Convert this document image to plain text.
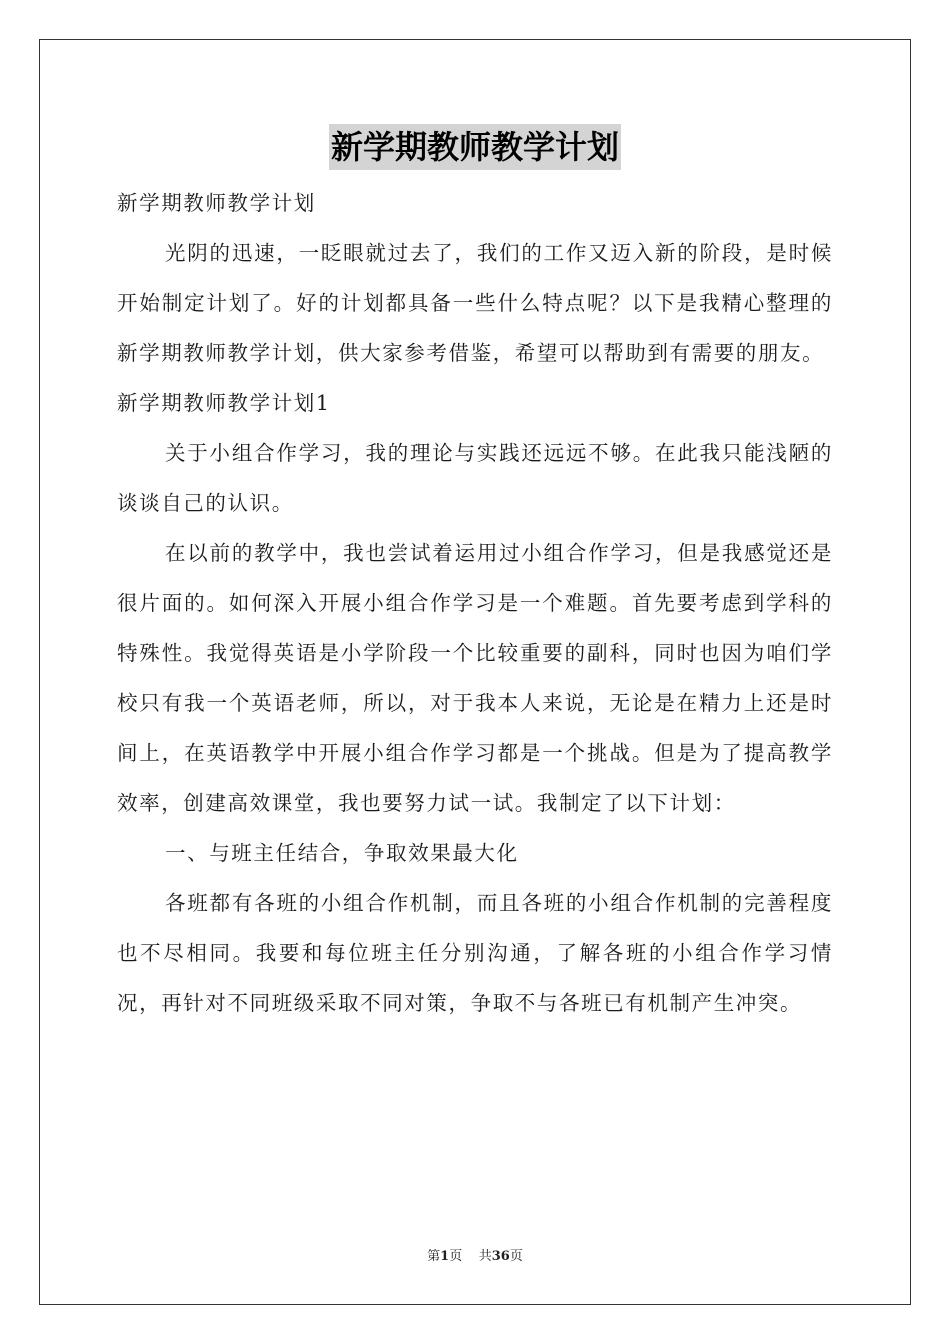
新学期教师教学计划

新学期教师教学计划

光阴的迅速，一眨眼就过去了，我们的工作又迈入新的阶段，是时候开始制定计划了。好的计划都具备一些什么特点呢？以下是我精心整理的新学期教师教学计划，供大家参考借鉴，希望可以帮助到有需要的朋友。

新学期教师教学计划1

关于小组合作学习，我的理论与实践还远远不够。在此我只能浅陋的谈谈自己的认识。

在以前的教学中，我也尝试着运用过小组合作学习，但是我感觉还是很片面的。如何深入开展小组合作学习是一个难题。首先要考虑到学科的特殊性。我觉得英语是小学阶段一个比较重要的副科，同时也因为咱们学校只有我一个英语老师，所以，对于我本人来说，无论是在精力上还是时间上，在英语教学中开展小组合作学习都是一个挑战。但是为了提高教学效率，创建高效课堂，我也要努力试一试。我制定了以下计划：

一、与班主任结合，争取效果最大化

各班都有各班的小组合作机制，而且各班的小组合作机制的完善程度也不尽相同。我要和每位班主任分别沟通，了解各班的小组合作学习情况，再针对不同班级采取不同对策，争取不与各班已有机制产生冲突。

第1页 共36页
